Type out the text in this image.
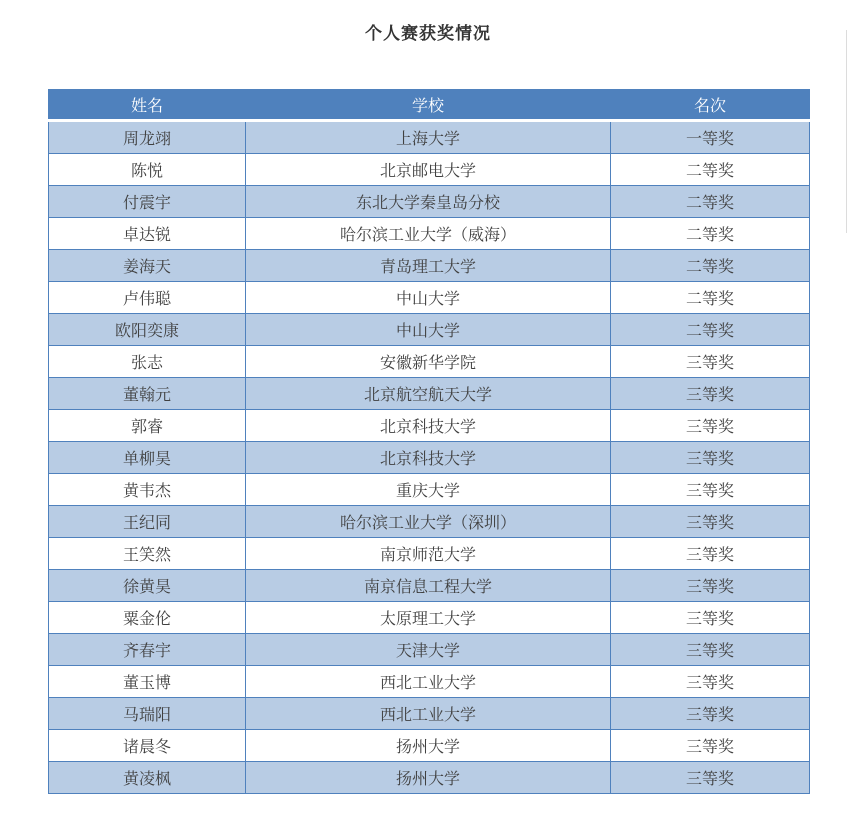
个人赛获奖情况
姓名	学校	名次
周龙翊	上海大学	一等奖
陈悦	北京邮电大学	二等奖
付震宇	东北大学秦皇岛分校	二等奖
卓达锐	哈尔滨工业大学（威海）	二等奖
姜海天	青岛理工大学	二等奖
卢伟聪	中山大学	二等奖
欧阳奕康	中山大学	二等奖
张志	安徽新华学院	三等奖
董翰元	北京航空航天大学	三等奖
郭睿	北京科技大学	三等奖
单柳昊	北京科技大学	三等奖
黄韦杰	重庆大学	三等奖
王纪同	哈尔滨工业大学（深圳）	三等奖
王笑然	南京师范大学	三等奖
徐黄昊	南京信息工程大学	三等奖
粟金伦	太原理工大学	三等奖
齐春宇	天津大学	三等奖
董玉博	西北工业大学	三等奖
马瑞阳	西北工业大学	三等奖
诸晨冬	扬州大学	三等奖
黄凌枫	扬州大学	三等奖
